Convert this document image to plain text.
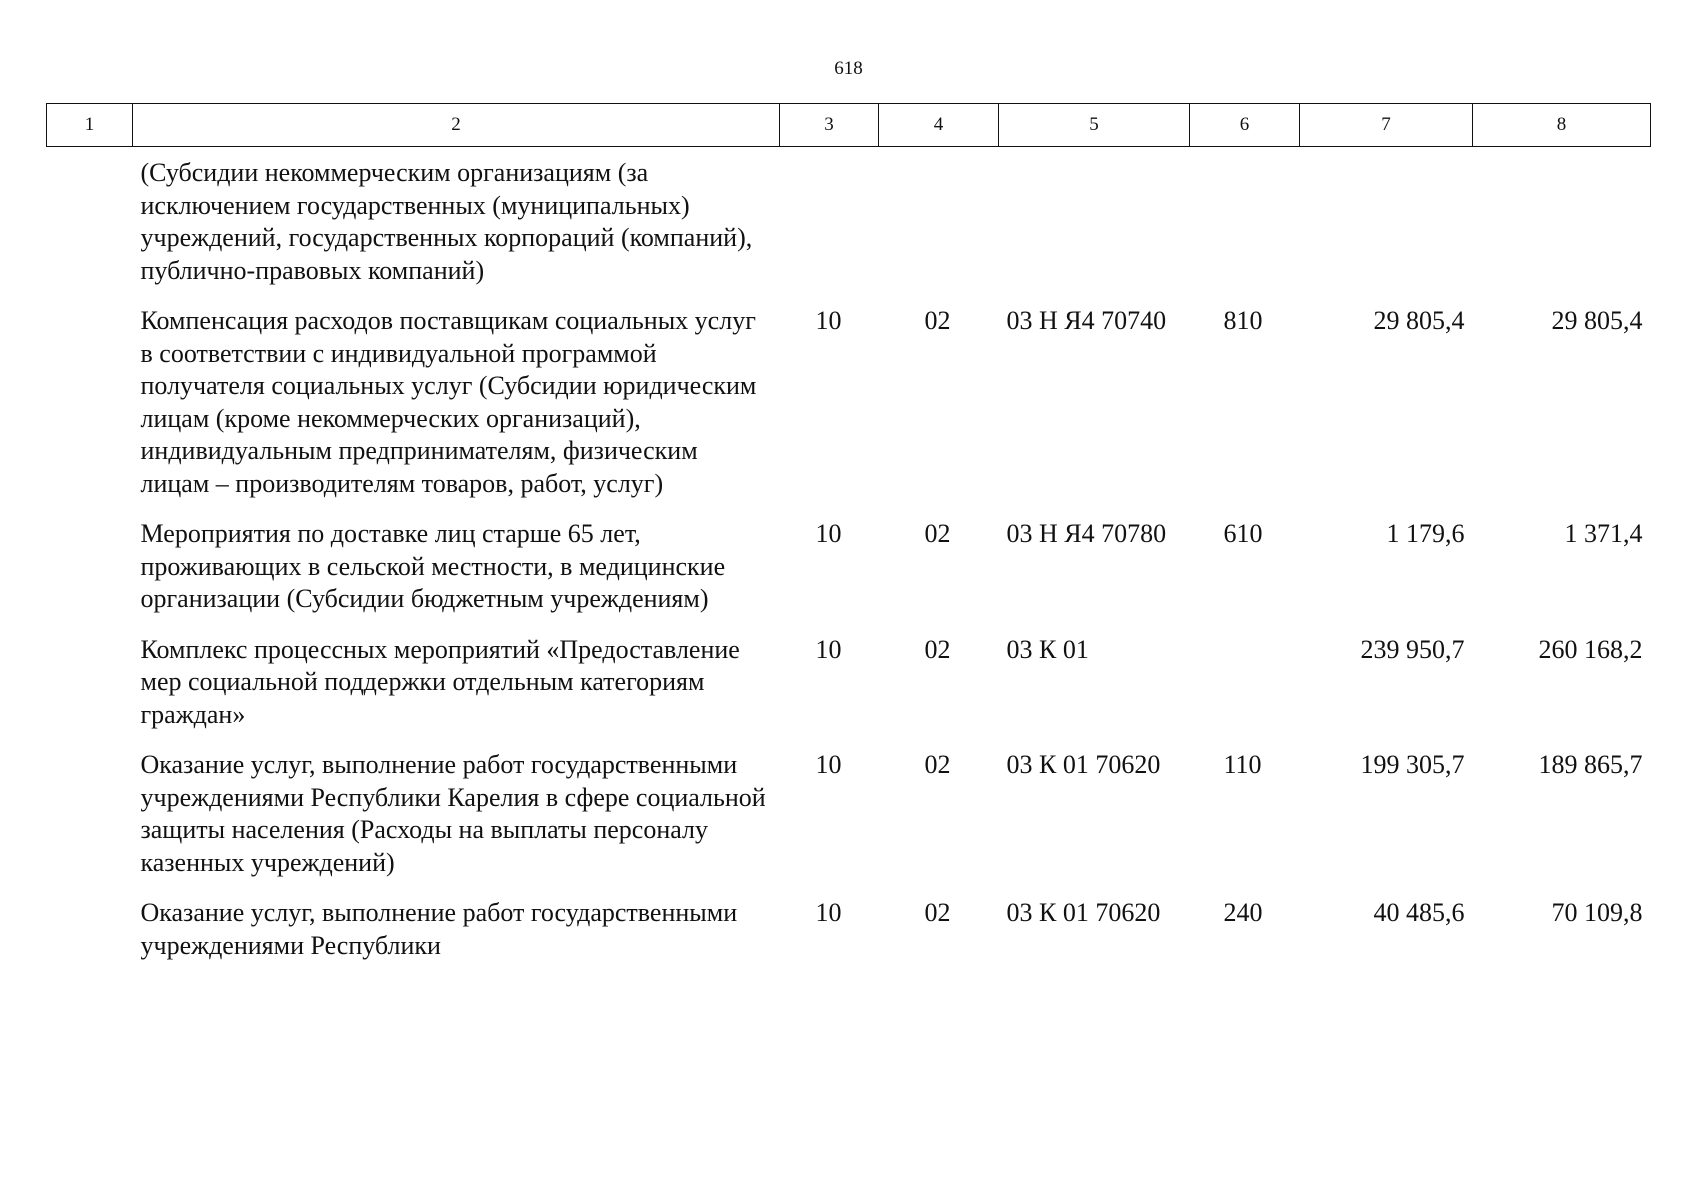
618
1	2	3	4	5	6	7	8
	(Субсидии некоммерческим организациям (за исключением государственных (муниципальных) учреждений, государственных корпораций (компаний), публично-правовых компаний)						
	Компенсация расходов поставщикам социальных услуг в соответствии с индивидуальной программой получателя социальных услуг (Субсидии юридическим лицам (кроме некоммерческих организаций), индивидуальным предпринимателям, физическим лицам – производителям товаров, работ, услуг)	10	02	03 Н Я4 70740	810	29 805,4	29 805,4
	Мероприятия по доставке лиц старше 65 лет, проживающих в сельской местности, в медицинские организации (Субсидии бюджетным учреждениям)	10	02	03 Н Я4 70780	610	1 179,6	1 371,4
	Комплекс процессных мероприятий «Предоставление мер социальной поддержки отдельным категориям граждан»	10	02	03 К 01		239 950,7	260 168,2
	Оказание услуг, выполнение работ государственными учреждениями Республики Карелия в сфере социальной защиты населения (Расходы на выплаты персоналу казенных учреждений)	10	02	03 К 01 70620	110	199 305,7	189 865,7
	Оказание услуг, выполнение работ государственными учреждениями Республики	10	02	03 К 01 70620	240	40 485,6	70 109,8
